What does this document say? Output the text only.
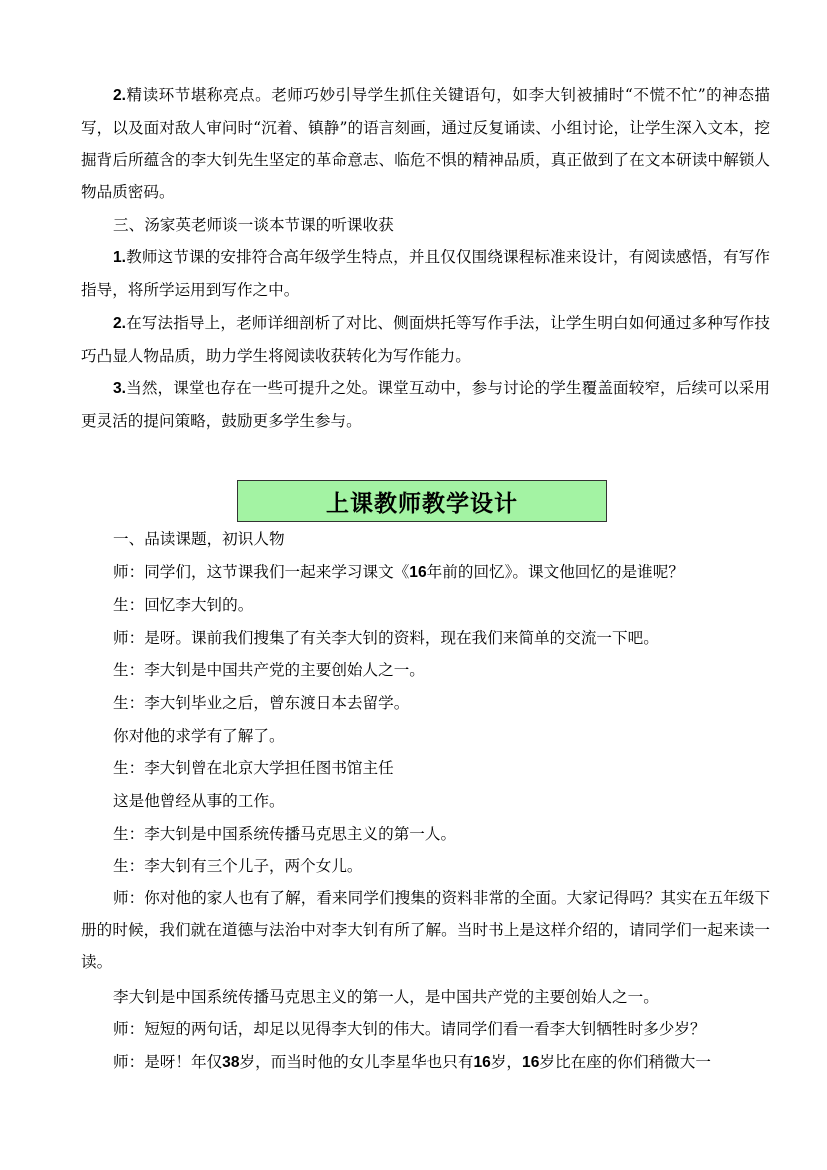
2.精读环节堪称亮点。老师巧妙引导学生抓住关键语句，如李大钊被捕时“不慌不忙”的神态描写，以及面对敌人审问时“沉着、镇静”的语言刻画，通过反复诵读、小组讨论，让学生深入文本，挖掘背后所蕴含的李大钊先生坚定的革命意志、临危不惧的精神品质，真正做到了在文本研读中解锁人物品质密码。

三、汤家英老师谈一谈本节课的听课收获

1.教师这节课的安排符合高年级学生特点，并且仅仅围绕课程标准来设计，有阅读感悟，有写作指导，将所学运用到写作之中。

2.在写法指导上，老师详细剖析了对比、侧面烘托等写作手法，让学生明白如何通过多种写作技巧凸显人物品质，助力学生将阅读收获转化为写作能力。

3.当然，课堂也存在一些可提升之处。课堂互动中，参与讨论的学生覆盖面较窄，后续可以采用更灵活的提问策略，鼓励更多学生参与。

上课教师教学设计

一、品读课题，初识人物

师：同学们，这节课我们一起来学习课文《16年前的回忆》。课文他回忆的是谁呢？

生：回忆李大钊的。

师：是呀。课前我们搜集了有关李大钊的资料，现在我们来简单的交流一下吧。

生：李大钊是中国共产党的主要创始人之一。

生：李大钊毕业之后，曾东渡日本去留学。

你对他的求学有了解了。

生：李大钊曾在北京大学担任图书馆主任

这是他曾经从事的工作。

生：李大钊是中国系统传播马克思主义的第一人。

生：李大钊有三个儿子，两个女儿。

师：你对他的家人也有了解，看来同学们搜集的资料非常的全面。大家记得吗？其实在五年级下册的时候，我们就在道德与法治中对李大钊有所了解。当时书上是这样介绍的，请同学们一起来读一读。

李大钊是中国系统传播马克思主义的第一人，是中国共产党的主要创始人之一。

师：短短的两句话，却足以见得李大钊的伟大。请同学们看一看李大钊牺牲时多少岁？

师：是呀！年仅38岁，而当时他的女儿李星华也只有16岁，16岁比在座的你们稍微大一
